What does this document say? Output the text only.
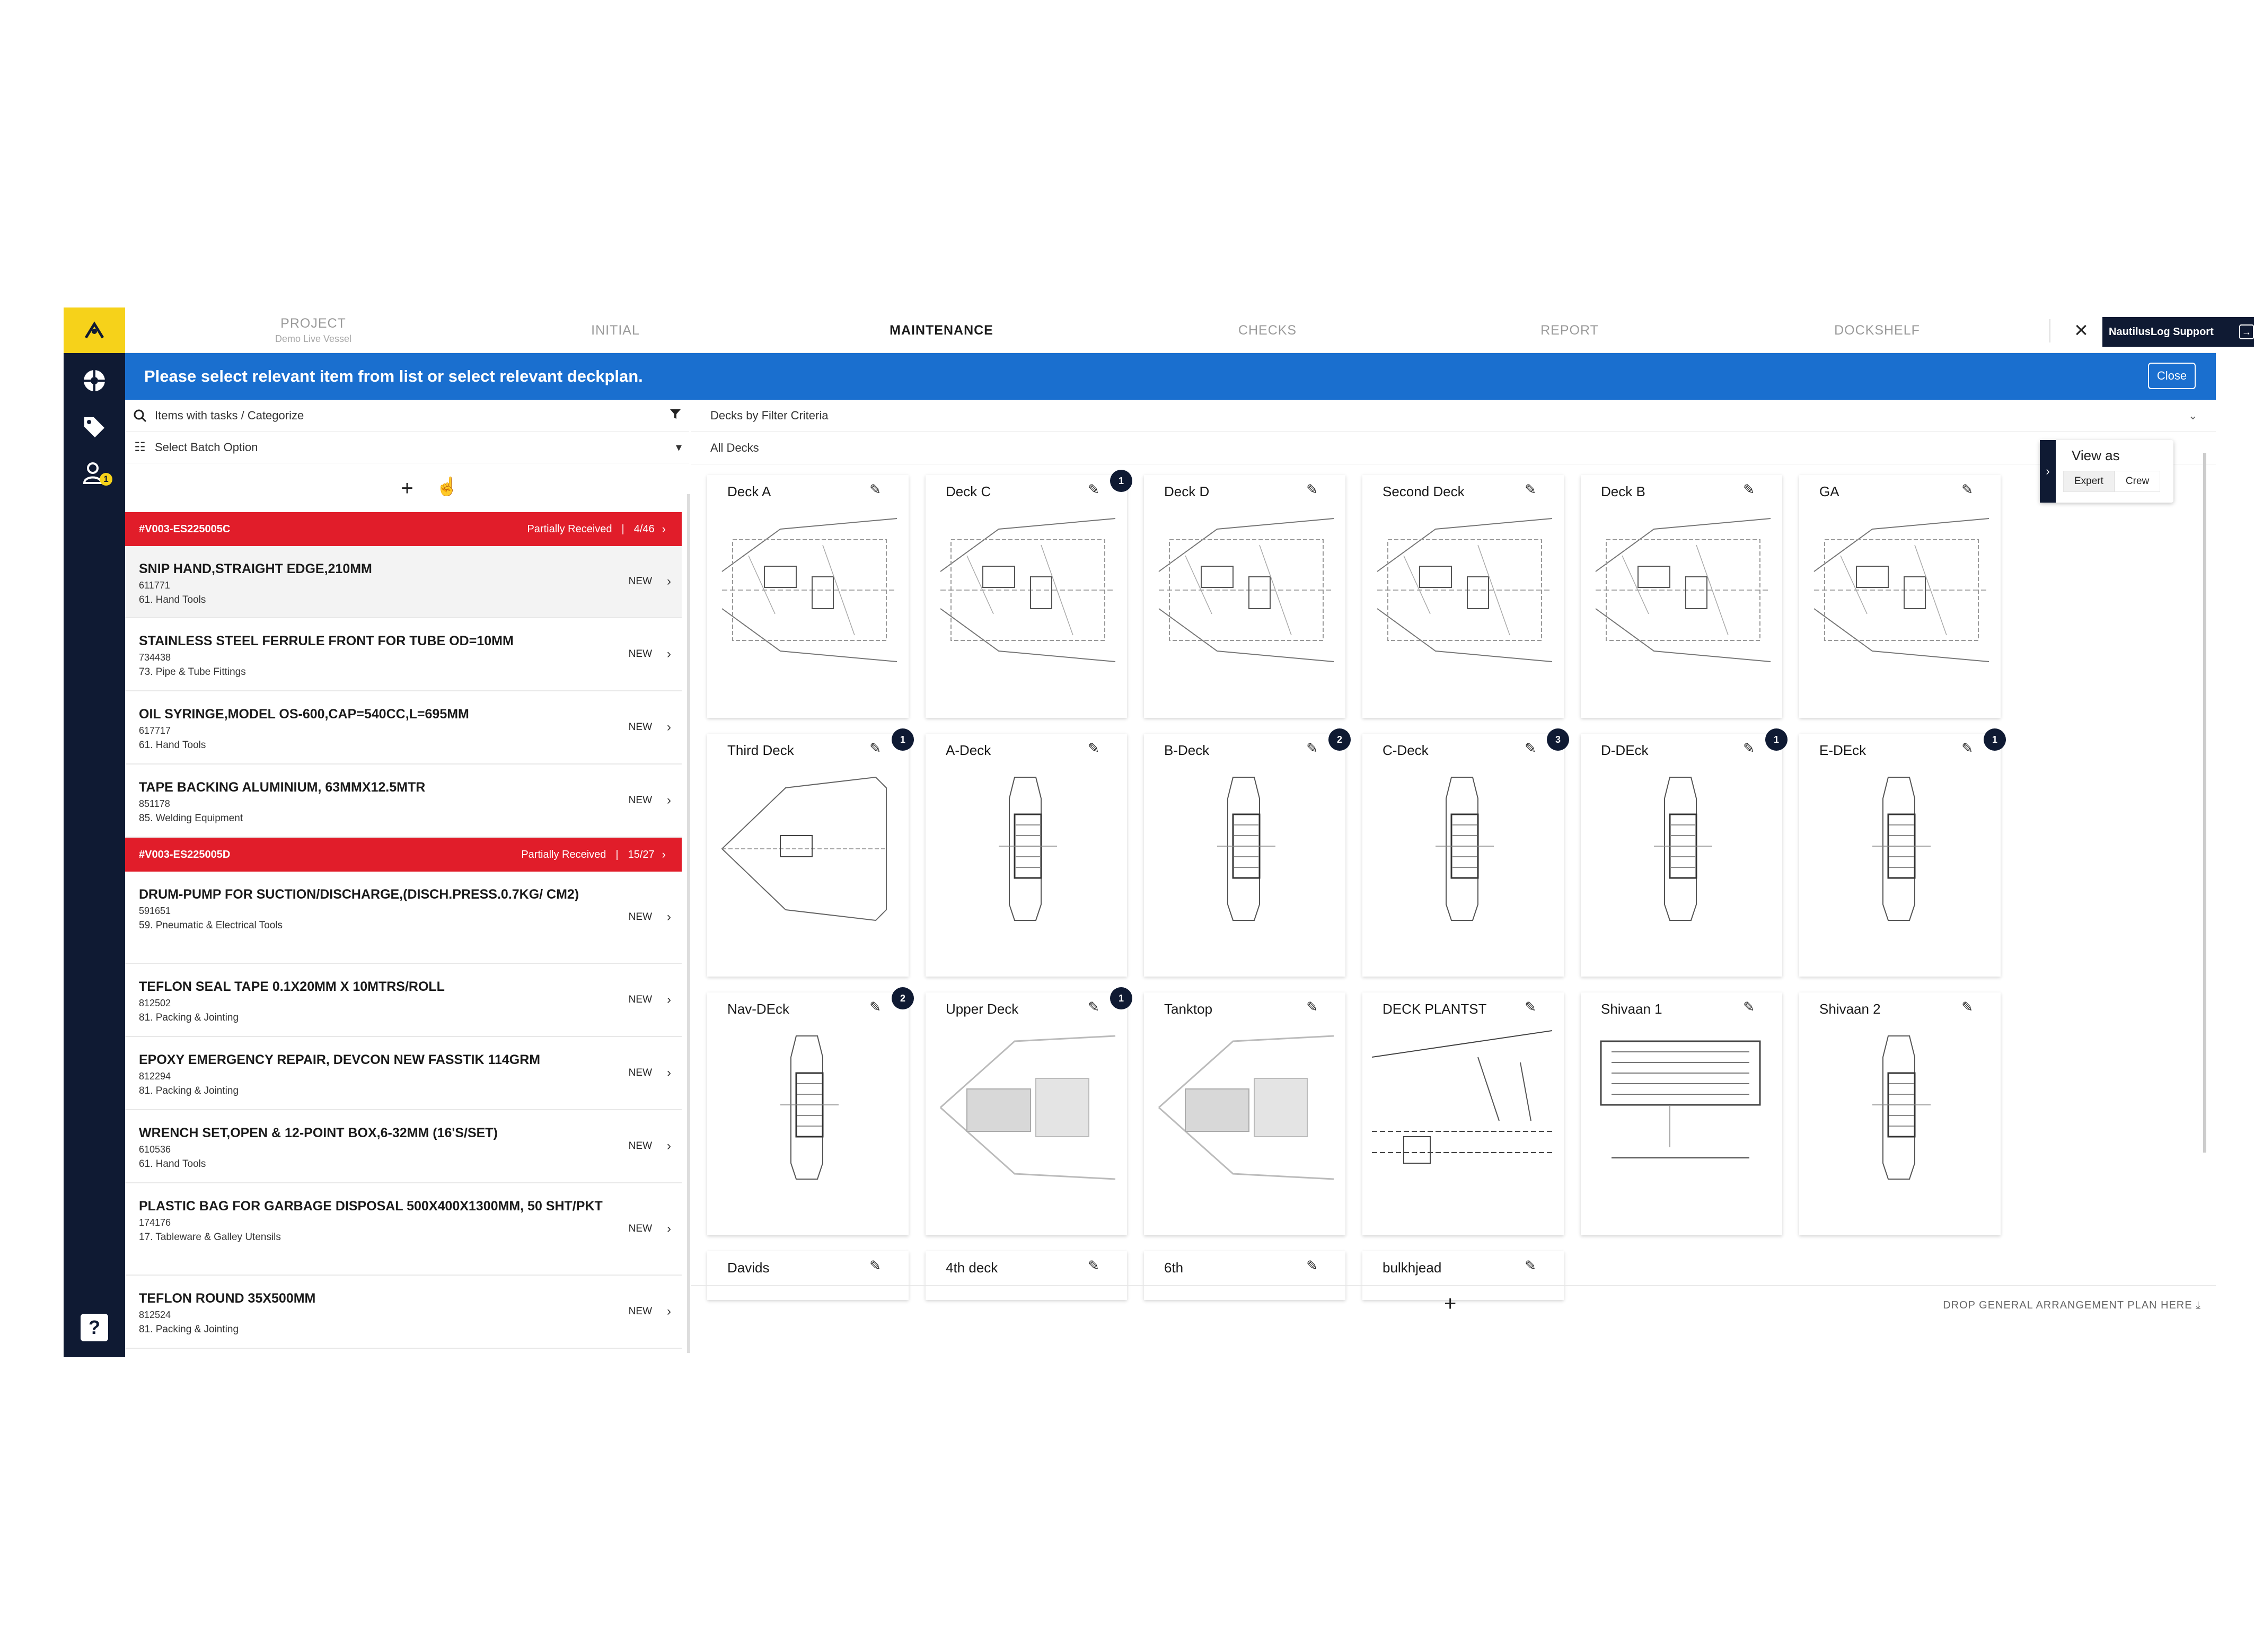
1
?
PROJECT
Demo Live Vessel
INITIAL	MAINTENANCE	CHECKS	REPORT	DOCKSHELF	×	NautilusLog Support	→
Please select relevant item from list or select relevant deckplan.	Close
Items with tasks / Categorize
☷ Select Batch Option	▾
+ ☝
#V003-ES225005C	Partially Received | 4/46 ›
SNIP HAND,STRAIGHT EDGE,210MM
611771
61. Hand Tools
NEW ›
STAINLESS STEEL FERRULE FRONT FOR TUBE OD=10MM
734438
73. Pipe & Tube Fittings
NEW ›
OIL SYRINGE,MODEL OS-600,CAP=540CC,L=695MM
617717
61. Hand Tools
NEW ›
TAPE BACKING ALUMINIUM, 63MMX12.5MTR
851178
85. Welding Equipment
NEW ›
#V003-ES225005D	Partially Received | 15/27 ›
DRUM-PUMP FOR SUCTION/DISCHARGE,(DISCH.PRESS.0.7KG/ CM2)
591651
59. Pneumatic & Electrical Tools
NEW ›
TEFLON SEAL TAPE 0.1X20MM X 10MTRS/ROLL
812502
81. Packing & Jointing
NEW ›
EPOXY EMERGENCY REPAIR, DEVCON NEW FASSTIK 114GRM
812294
81. Packing & Jointing
NEW ›
WRENCH SET,OPEN & 12-POINT BOX,6-32MM (16'S/SET)
610536
61. Hand Tools
NEW ›
PLASTIC BAG FOR GARBAGE DISPOSAL 500X400X1300MM, 50 SHT/PKT
174176
17. Tableware & Galley Utensils
NEW ›
TEFLON ROUND 35X500MM
812524
81. Packing & Jointing
NEW ›
Decks by Filter Criteria	⌄
All Decks
›
View as
Expert	Crew
Deck A	✎	Deck C	✎
1
Deck D	✎	Second Deck	✎	Deck B	✎	GA	✎
Third Deck	✎
1
A-Deck	✎	B-Deck	✎
2
C-Deck	✎
3
D-DEck	✎
1
E-DEck	✎
1
Nav-DEck	✎
2
Upper Deck	✎
1
Tanktop	✎	DECK PLANTST	✎	Shivaan 1	✎	Shivaan 2	✎
Davids	✎	4th deck	✎	6th	✎	bulkhjead	✎
+	DROP GENERAL ARRANGEMENT PLAN HERE ⤓
